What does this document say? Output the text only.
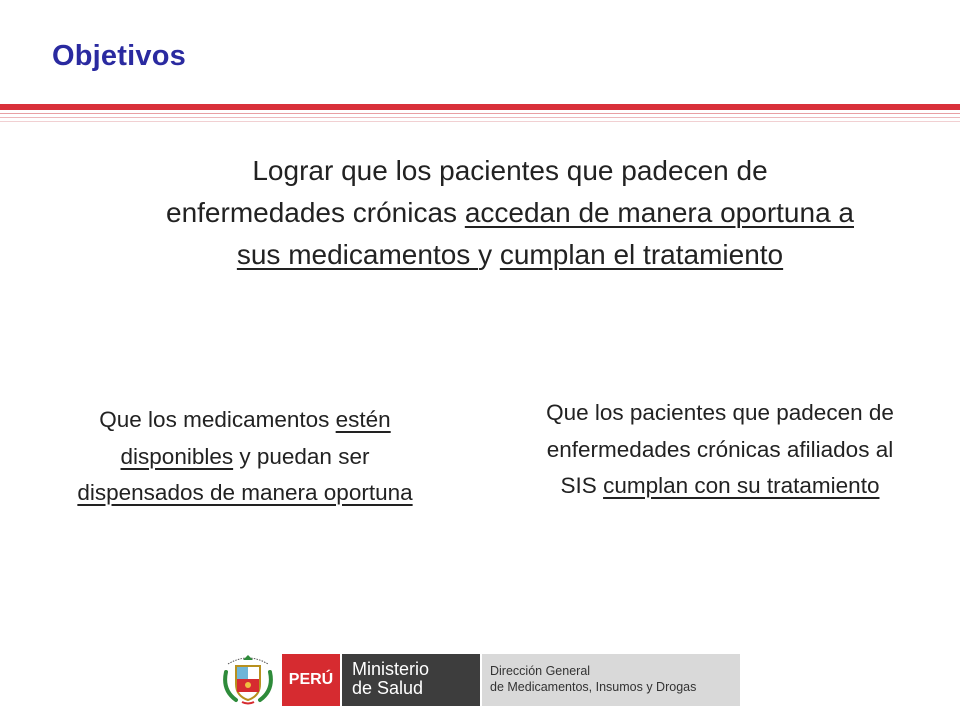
Objetivos
Lograr que los pacientes que padecen de enfermedades crónicas accedan de manera oportuna a sus medicamentos y cumplan el tratamiento
Que los medicamentos estén disponibles y puedan ser dispensados de manera oportuna
Que los pacientes que padecen de enfermedades crónicas afiliados al SIS cumplan con su tratamiento
PERÚ
Ministerio
de Salud
Dirección General
de Medicamentos, Insumos y Drogas
